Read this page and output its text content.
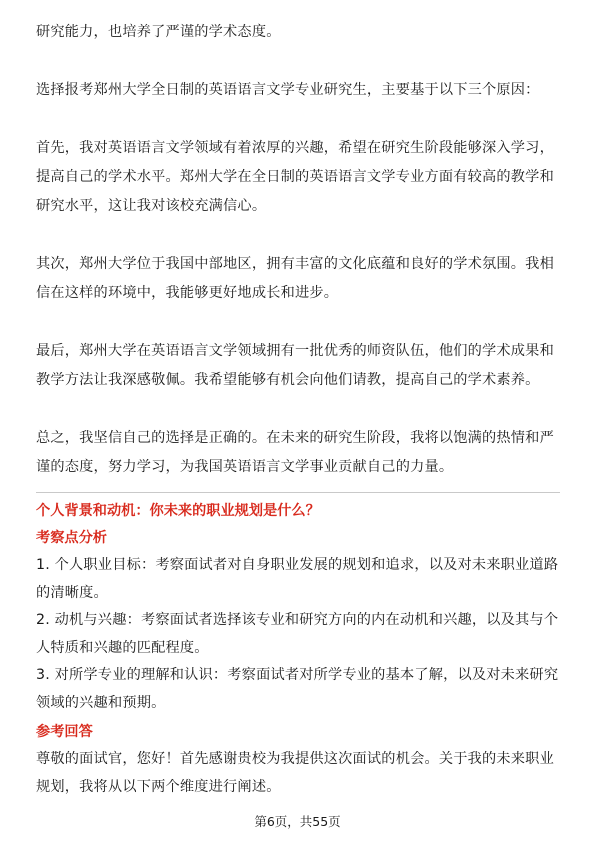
研究能力，也培养了严谨的学术态度。

选择报考郑州大学全日制的英语语言文学专业研究生，主要基于以下三个原因：

首先，我对英语语言文学领域有着浓厚的兴趣，希望在研究生阶段能够深入学习，提高自己的学术水平。郑州大学在全日制的英语语言文学专业方面有较高的教学和研究水平，这让我对该校充满信心。

其次，郑州大学位于我国中部地区，拥有丰富的文化底蕴和良好的学术氛围。我相信在这样的环境中，我能够更好地成长和进步。

最后，郑州大学在英语语言文学领域拥有一批优秀的师资队伍，他们的学术成果和教学方法让我深感敬佩。我希望能够有机会向他们请教，提高自己的学术素养。

总之，我坚信自己的选择是正确的。在未来的研究生阶段，我将以饱满的热情和严谨的态度，努力学习，为我国英语语言文学事业贡献自己的力量。

个人背景和动机：你未来的职业规划是什么？

考察点分析

1. 个人职业目标：考察面试者对自身职业发展的规划和追求，以及对未来职业道路的清晰度。

2. 动机与兴趣：考察面试者选择该专业和研究方向的内在动机和兴趣，以及其与个人特质和兴趣的匹配程度。

3. 对所学专业的理解和认识：考察面试者对所学专业的基本了解，以及对未来研究领域的兴趣和预期。

参考回答

尊敬的面试官，您好！首先感谢贵校为我提供这次面试的机会。关于我的未来职业规划，我将从以下两个维度进行阐述。

第6页，共55页
